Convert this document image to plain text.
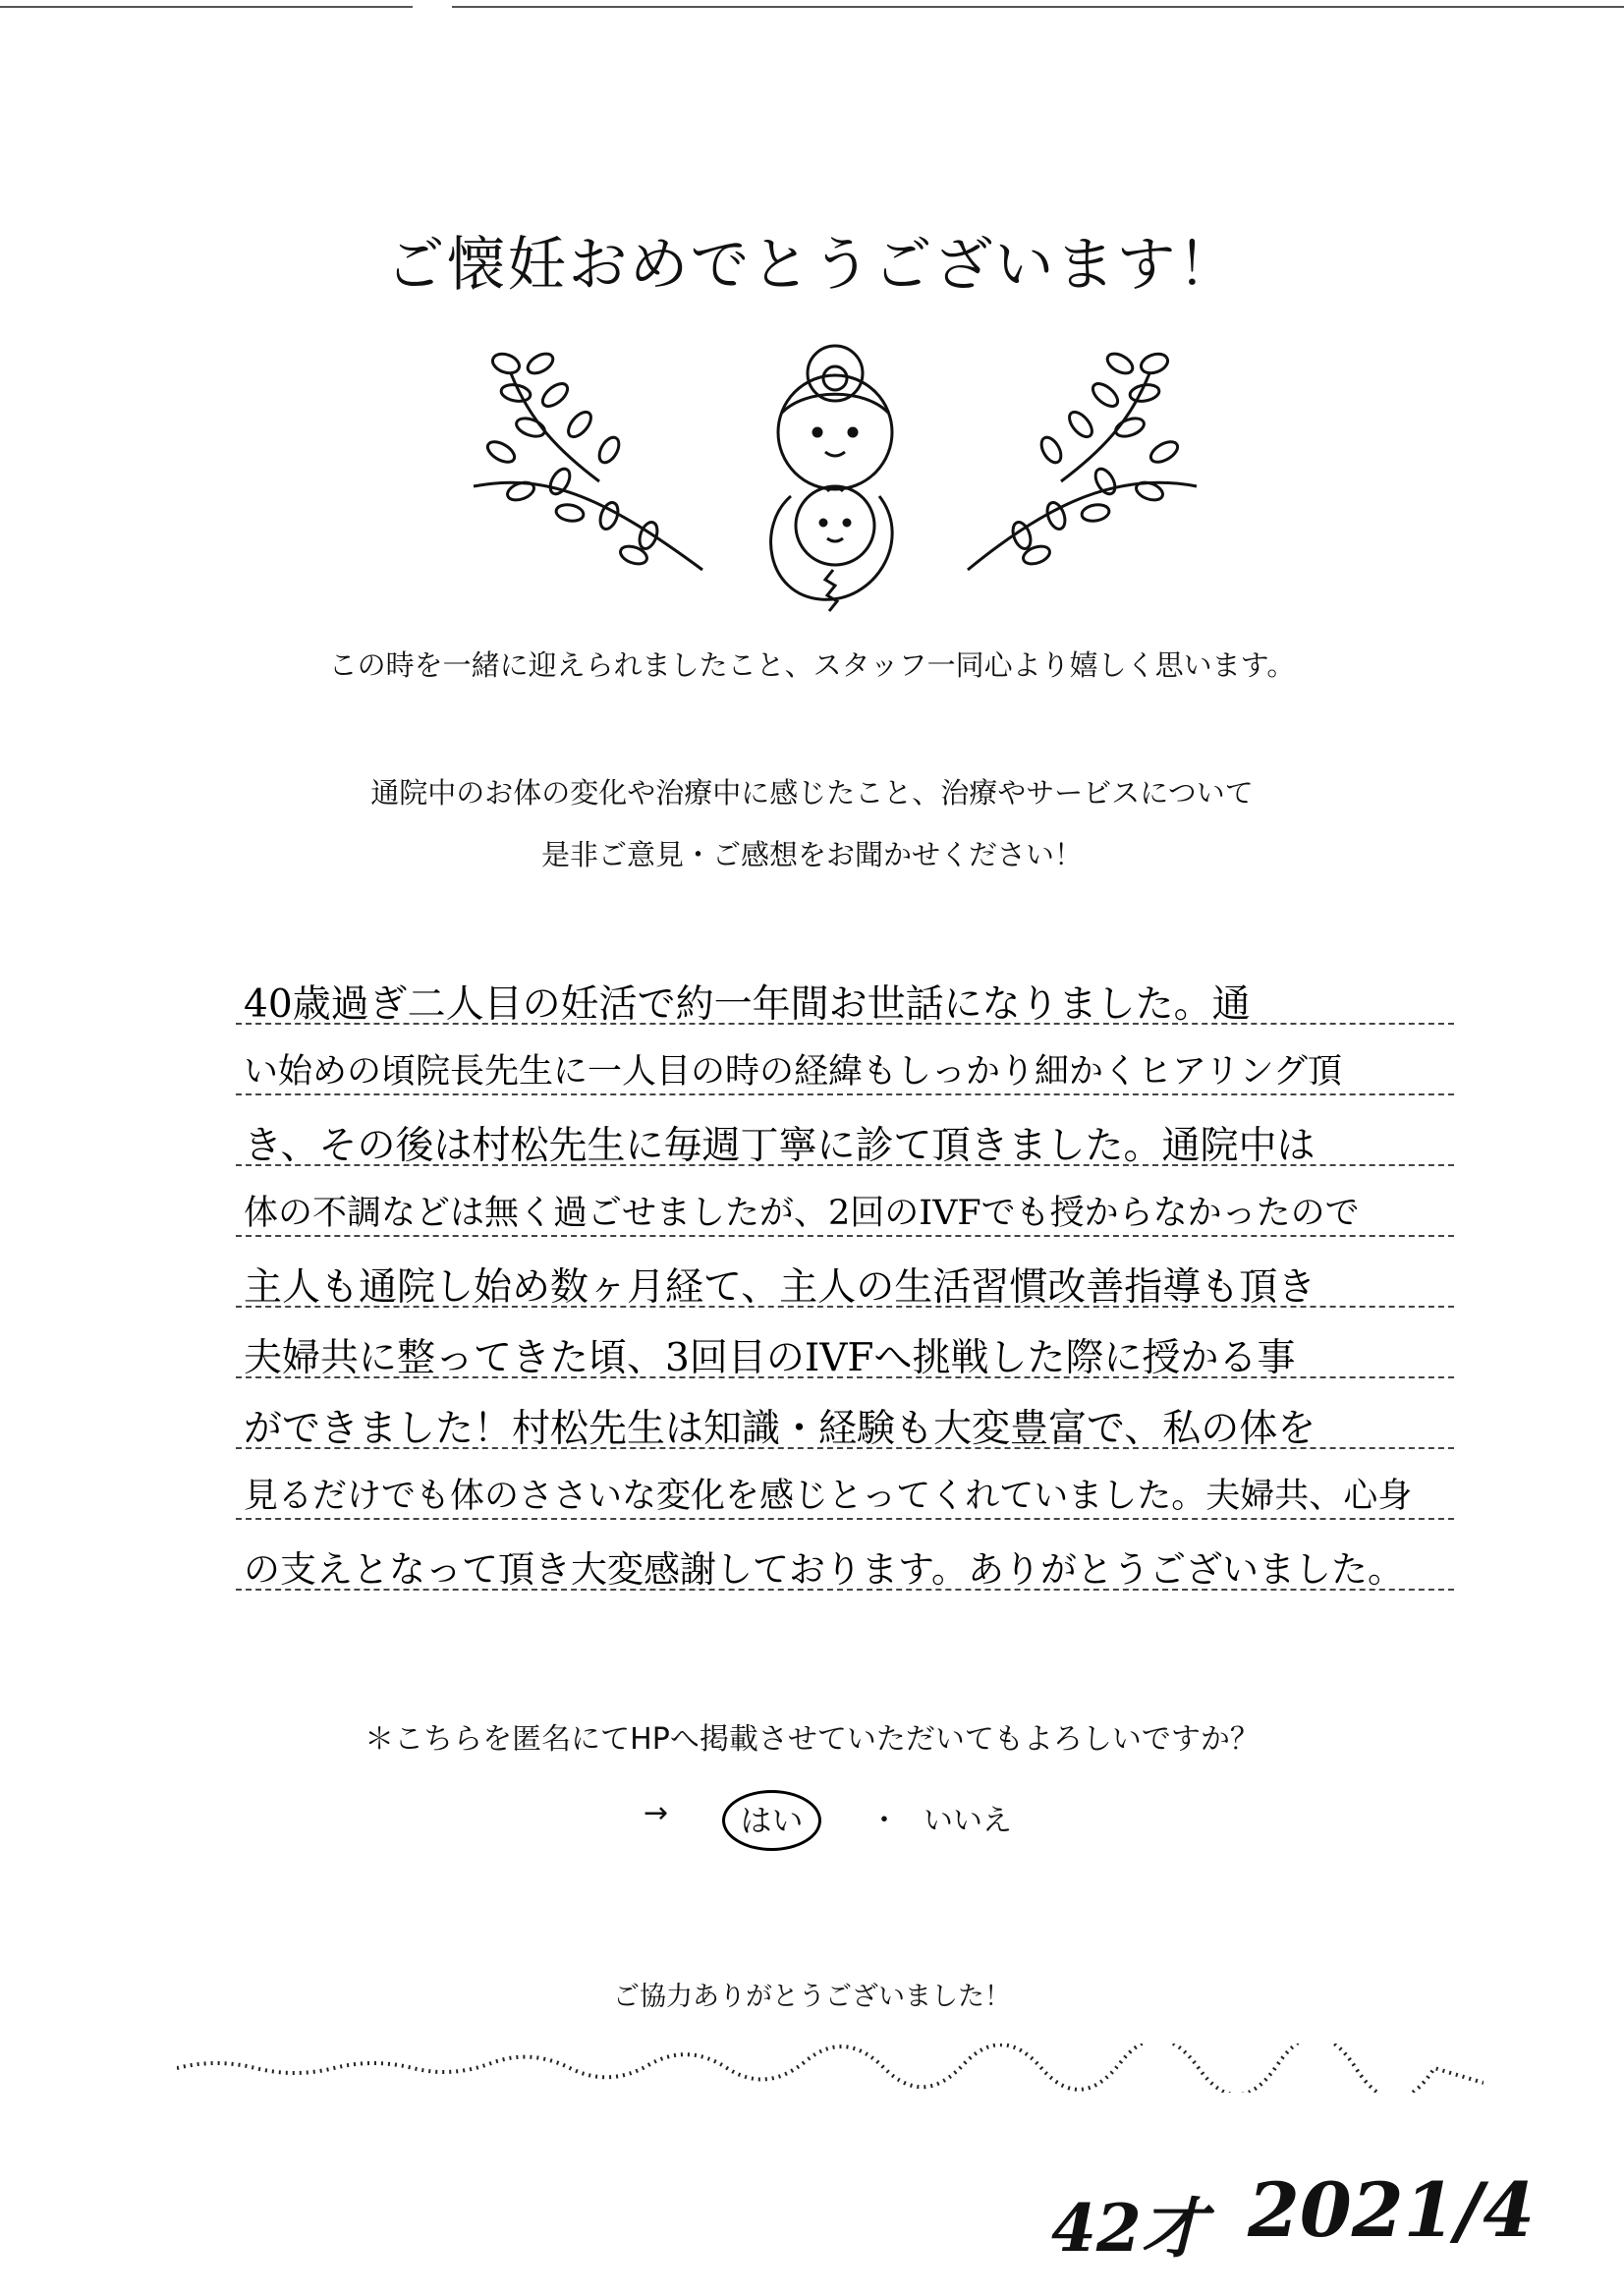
ご懐妊おめでとうございます！
この時を一緒に迎えられましたこと、スタッフ一同心より嬉しく思います。
通院中のお体の変化や治療中に感じたこと、治療やサービスについて
是非ご意見・ご感想をお聞かせください！
40歳過ぎ二人目の妊活で約一年間お世話になりました。通
い始めの頃院長先生に一人目の時の経緯もしっかり細かくヒアリング頂
き、その後は村松先生に毎週丁寧に診て頂きました。通院中は
体の不調などは無く過ごせましたが、2回のIVFでも授からなかったので
主人も通院し始め数ヶ月経て、主人の生活習慣改善指導も頂き
夫婦共に整ってきた頃、3回目のIVFへ挑戦した際に授かる事
ができました！村松先生は知識・経験も大変豊富で、私の体を
見るだけでも体のささいな変化を感じとってくれていました。夫婦共、心身
の支えとなって頂き大変感謝しております。ありがとうございました。
＊こちらを匿名にてHPへ掲載させていただいてもよろしいですか？
→	はい	・ いいえ
ご協力ありがとうございました！
42才 2021/4
